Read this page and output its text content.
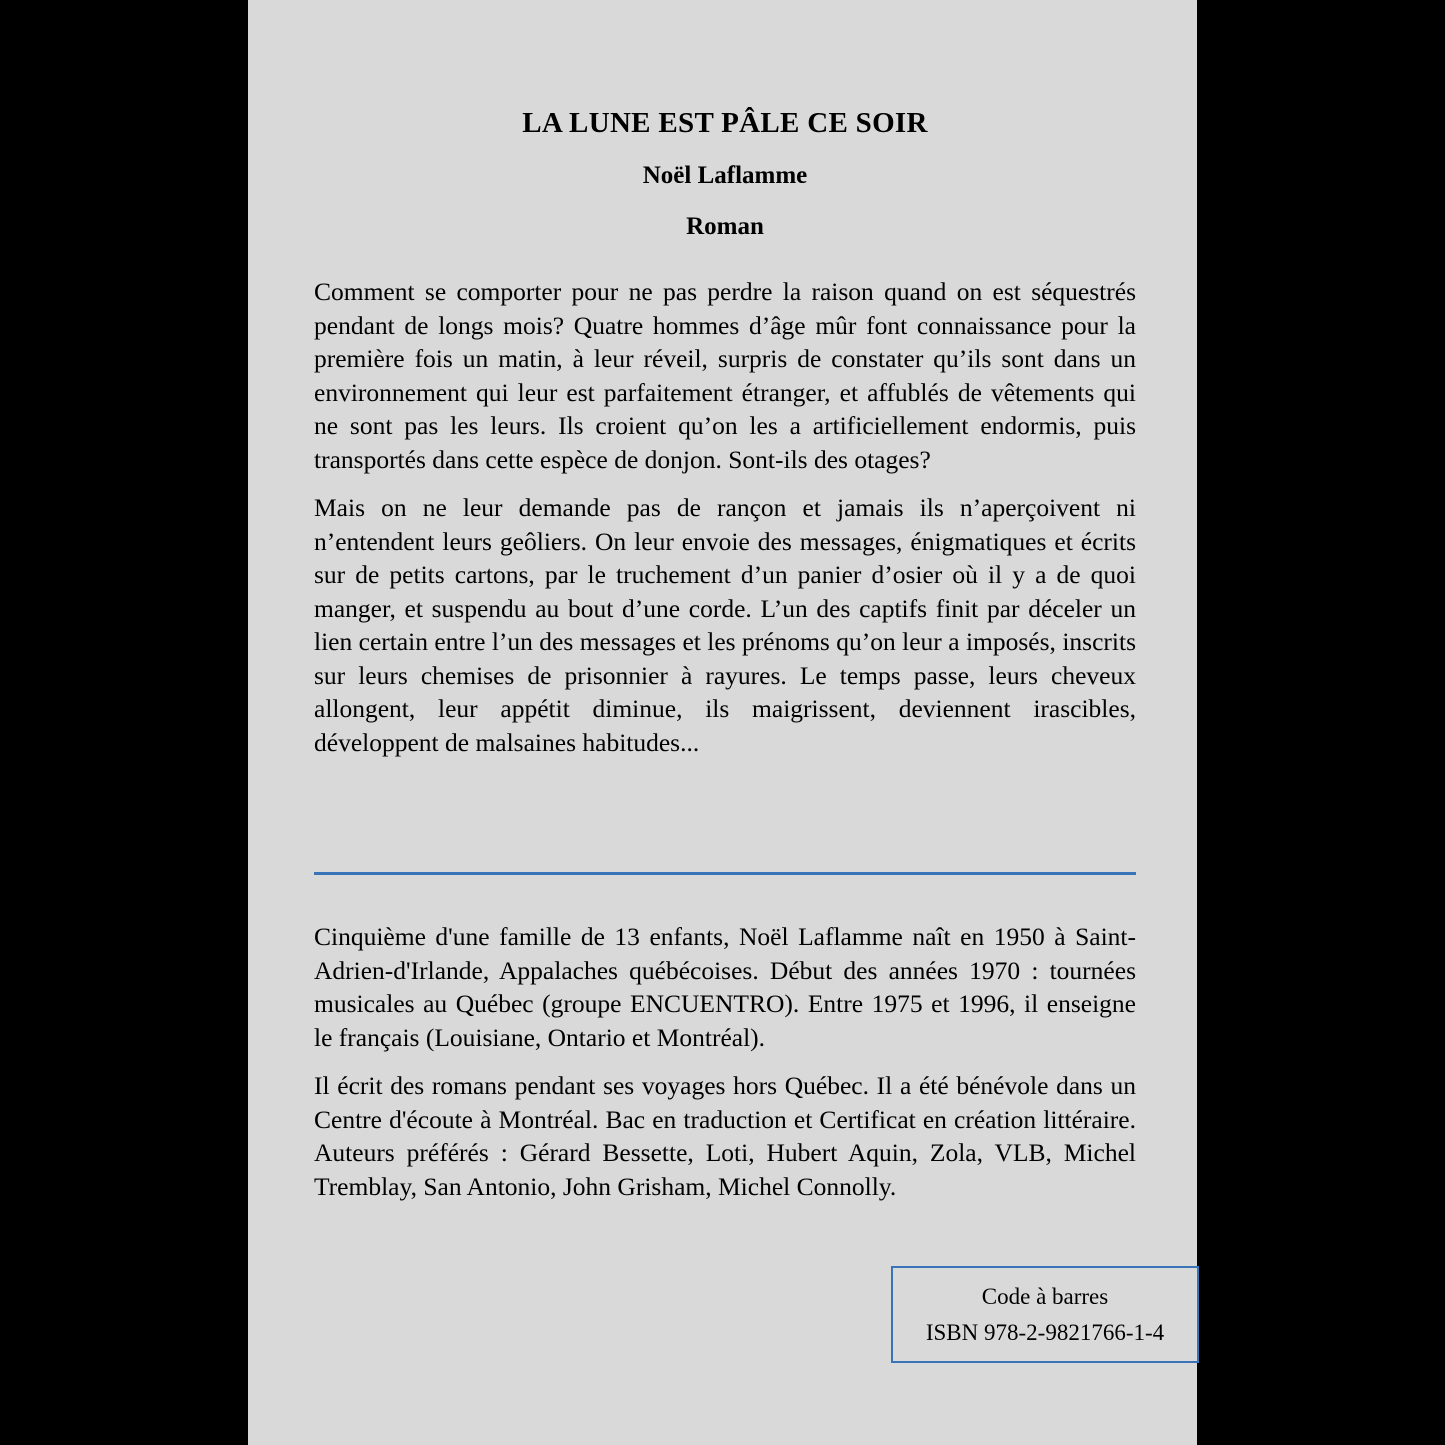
LA LUNE EST PÂLE CE SOIR
Noël Laflamme
Roman

Comment se comporter pour ne pas perdre la raison quand on est séquestrés pendant de longs mois? Quatre hommes d’âge mûr font connaissance pour la première fois un matin, à leur réveil, surpris de constater qu’ils sont dans un environnement qui leur est parfaitement étranger, et affublés de vêtements qui ne sont pas les leurs. Ils croient qu’on les a artificiellement endormis, puis transportés dans cette espèce de donjon. Sont-ils des otages?

Mais on ne leur demande pas de rançon et jamais ils n’aperçoivent ni n’entendent leurs geôliers. On leur envoie des messages, énigmatiques et écrits sur de petits cartons, par le truchement d’un panier d’osier où il y a de quoi manger, et suspendu au bout d’une corde. L’un des captifs finit par déceler un lien certain entre l’un des messages et les prénoms qu’on leur a imposés, inscrits sur leurs chemises de prisonnier à rayures. Le temps passe, leurs cheveux allongent, leur appétit diminue, ils maigrissent, deviennent irascibles, développent de malsaines habitudes...

Cinquième d'une famille de 13 enfants, Noël Laflamme naît en 1950 à Saint-Adrien-d'Irlande, Appalaches québécoises. Début des années 1970 : tournées musicales au Québec (groupe ENCUENTRO). Entre 1975 et 1996, il enseigne le français (Louisiane, Ontario et Montréal).

Il écrit des romans pendant ses voyages hors Québec. Il a été bénévole dans un Centre d'écoute à Montréal. Bac en traduction et Certificat en création littéraire. Auteurs préférés : Gérard Bessette, Loti, Hubert Aquin, Zola, VLB, Michel Tremblay, San Antonio, John Grisham, Michel Connolly.

Code à barres
ISBN 978-2-9821766-1-4
